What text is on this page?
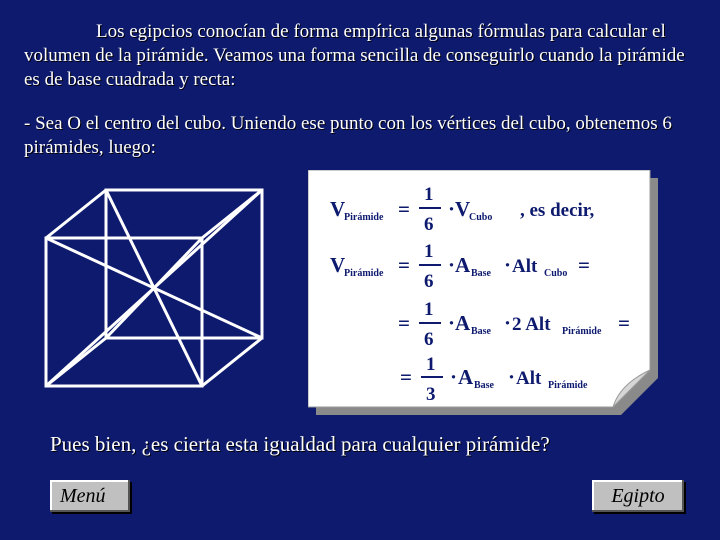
Los egipcios conocían de forma empírica algunas fórmulas para calcular el volumen de la pirámide. Veamos una forma sencilla de conseguirlo cuando la pirámide es de base cuadrada y recta:

- Sea O el centro del cubo. Uniendo ese punto con los vértices del cubo, obtenemos 6 pirámides, luego:

V
Pirámide =
1
6
· V
Cubo , es decir,
V
Pirámide =
1
6
· A Base · Alt Cubo =
=
1
6
· A Base · 2 Alt Pirámide =
=
1
3
· A Base · Alt Pirámide

Pues bien, ¿es cierta esta igualdad para cualquier pirámide?

Menú	Egipto
